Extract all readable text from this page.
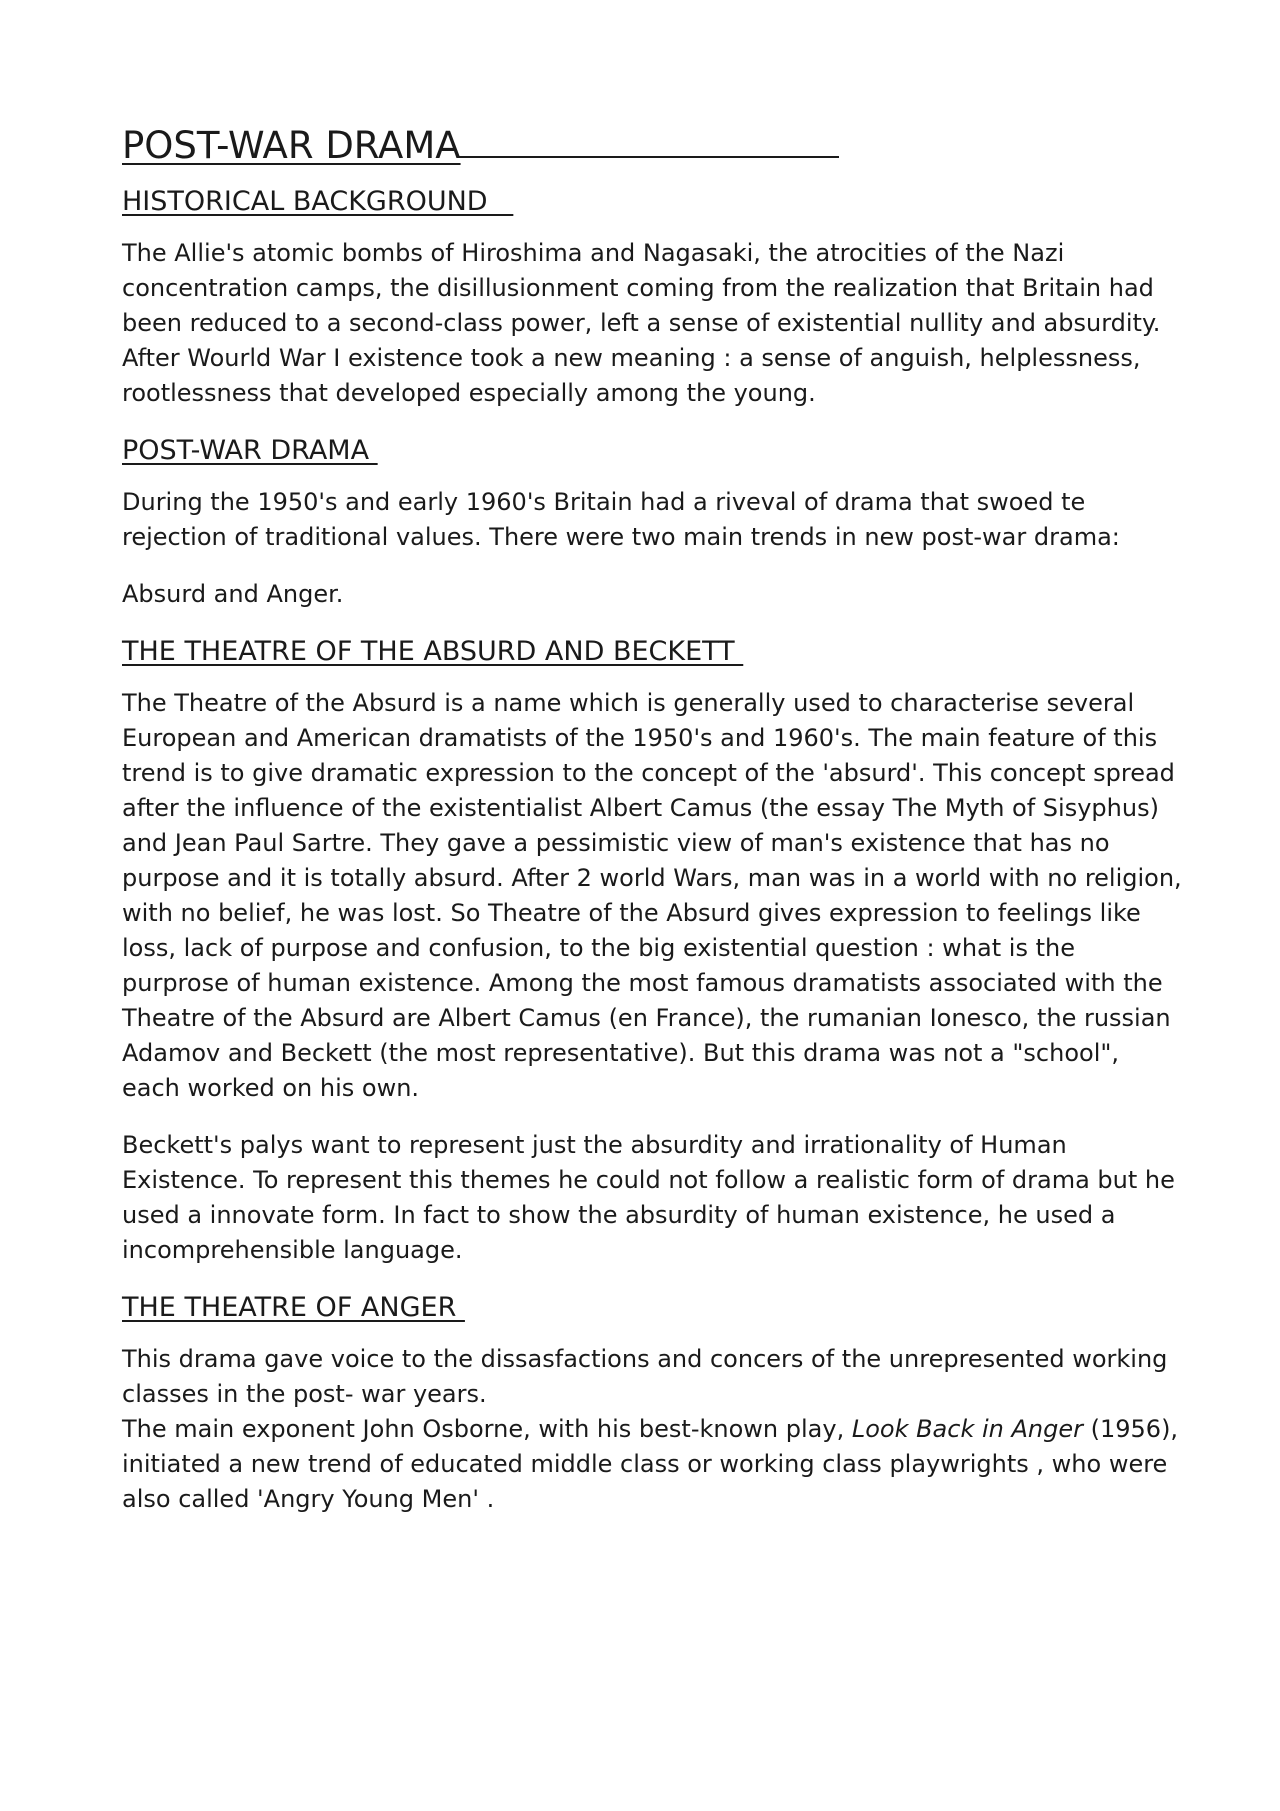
POST-WAR DRAMA
HISTORICAL BACKGROUND

The Allie's atomic bombs of Hiroshima and Nagasaki, the atrocities of the Nazi concentration camps, the disillusionment coming from the realization that Britain had been reduced to a second-class power, left a sense of existential nullity and absurdity. After Wourld War I existence took a new meaning : a sense of anguish, helplessness, rootlessness that developed especially among the young.

POST-WAR DRAMA

During the 1950's and early 1960's Britain had a riveval of drama that swoed te rejection of traditional values. There were two main trends in new post-war drama:

Absurd and Anger.

THE THEATRE OF THE ABSURD AND BECKETT

The Theatre of the Absurd is a name which is generally used to characterise several European and American dramatists of the 1950's and 1960's. The main feature of this trend is to give dramatic expression to the concept of the 'absurd'. This concept spread after the influence of the existentialist Albert Camus (the essay The Myth of Sisyphus) and Jean Paul Sartre. They gave a pessimistic view of man's existence that has no purpose and it is totally absurd. After 2 world Wars, man was in a world with no religion, with no belief, he was lost. So Theatre of the Absurd gives expression to feelings like loss, lack of purpose and confusion, to the big existential question : what is the purprose of human existence. Among the most famous dramatists associated with the Theatre of the Absurd are Albert Camus (en France), the rumanian Ionesco, the russian Adamov and Beckett (the most representative). But this drama was not a "school", each worked on his own.

Beckett's palys want to represent just the absurdity and irrationality of Human Existence. To represent this themes he could not follow a realistic form of drama but he used a innovate form. In fact to show the absurdity of human existence, he used a incomprehensible language.

THE THEATRE OF ANGER

This drama gave voice to the dissasfactions and concers of the unrepresented working classes in the post- war years.

The main exponent John Osborne, with his best-known play, Look Back in Anger (1956), initiated a new trend of educated middle class or working class playwrights , who were also called 'Angry Young Men' .
